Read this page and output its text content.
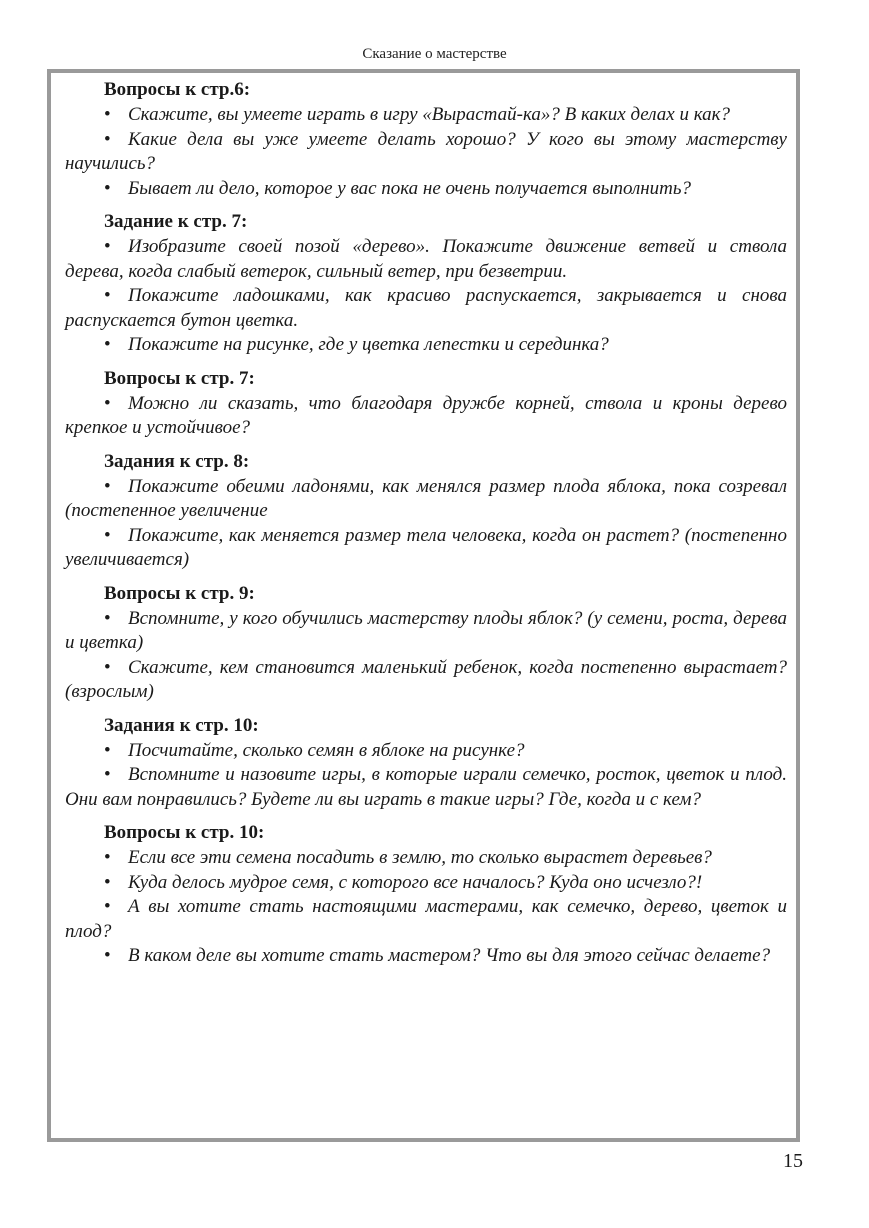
Сказание о мастерстве
Вопросы к стр.6:
• Скажите, вы умеете играть в игру «Вырастай-ка»? В каких делах и как?
• Какие дела вы уже умеете делать хорошо? У кого вы этому мастерству научились?
• Бывает ли дело, которое у вас пока не очень получается выполнить?
Задание к стр. 7:
• Изобразите своей позой «дерево». Покажите движение ветвей и ствола дерева, когда слабый ветерок, сильный ветер, при безветрии.
• Покажите ладошками, как красиво распускается, закрывается и снова распускается бутон цветка.
• Покажите на рисунке, где у цветка лепестки и серединка?
Вопросы к стр. 7:
• Можно ли сказать, что благодаря дружбе корней, ствола и кроны дерево крепкое и устойчивое?
Задания к стр. 8:
• Покажите обеими ладонями, как менялся размер плода яблока, пока созревал (постепенное увеличение
• Покажите, как меняется размер тела человека, когда он растет? (постепенно увеличивается)
Вопросы к стр. 9:
• Вспомните, у кого обучились мастерству плоды яблок? (у семени, роста, дерева и цветка)
• Скажите, кем становится маленький ребенок, когда постепенно вырастает? (взрослым)
Задания к стр. 10:
• Посчитайте, сколько семян в яблоке на рисунке?
• Вспомните и назовите игры, в которые играли семечко, росток, цветок и плод. Они вам понравились? Будете ли вы играть в такие игры? Где, когда и с кем?
Вопросы к стр. 10:
• Если все эти семена посадить в землю, то сколько вырастет деревьев?
• Куда делось мудрое семя, с которого все началось? Куда оно исчезло?!
• А вы хотите стать настоящими мастерами, как семечко, дерево, цветок и плод?
• В каком деле вы хотите стать мастером? Что вы для этого сейчас делаете?
15
